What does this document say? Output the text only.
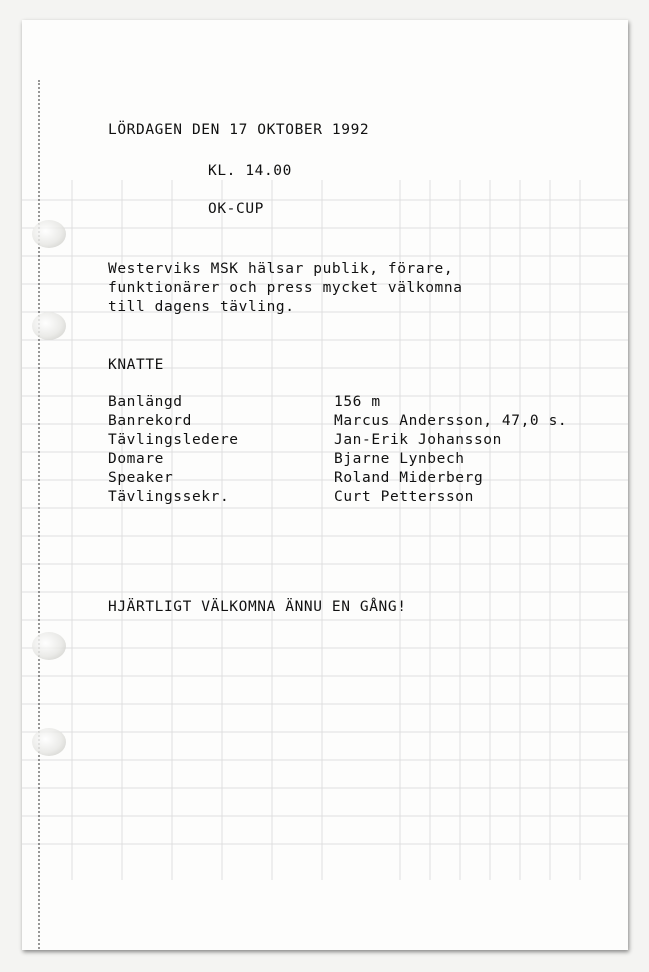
LÖRDAGEN DEN 17 OKTOBER 1992

KL. 14.00

OK-CUP

Westerviks MSK hälsar publik, förare,

funktionärer och press mycket välkomna

till dagens tävling.

KNATTE

Banlängd	156 m

Banrekord	Marcus Andersson, 47,0 s.

Tävlingsledere	Jan-Erik Johansson

Domare	Bjarne Lynbech

Speaker	Roland Miderberg

Tävlingssekr.	Curt Pettersson

HJÄRTLIGT VÄLKOMNA ÄNNU EN GÅNG!
